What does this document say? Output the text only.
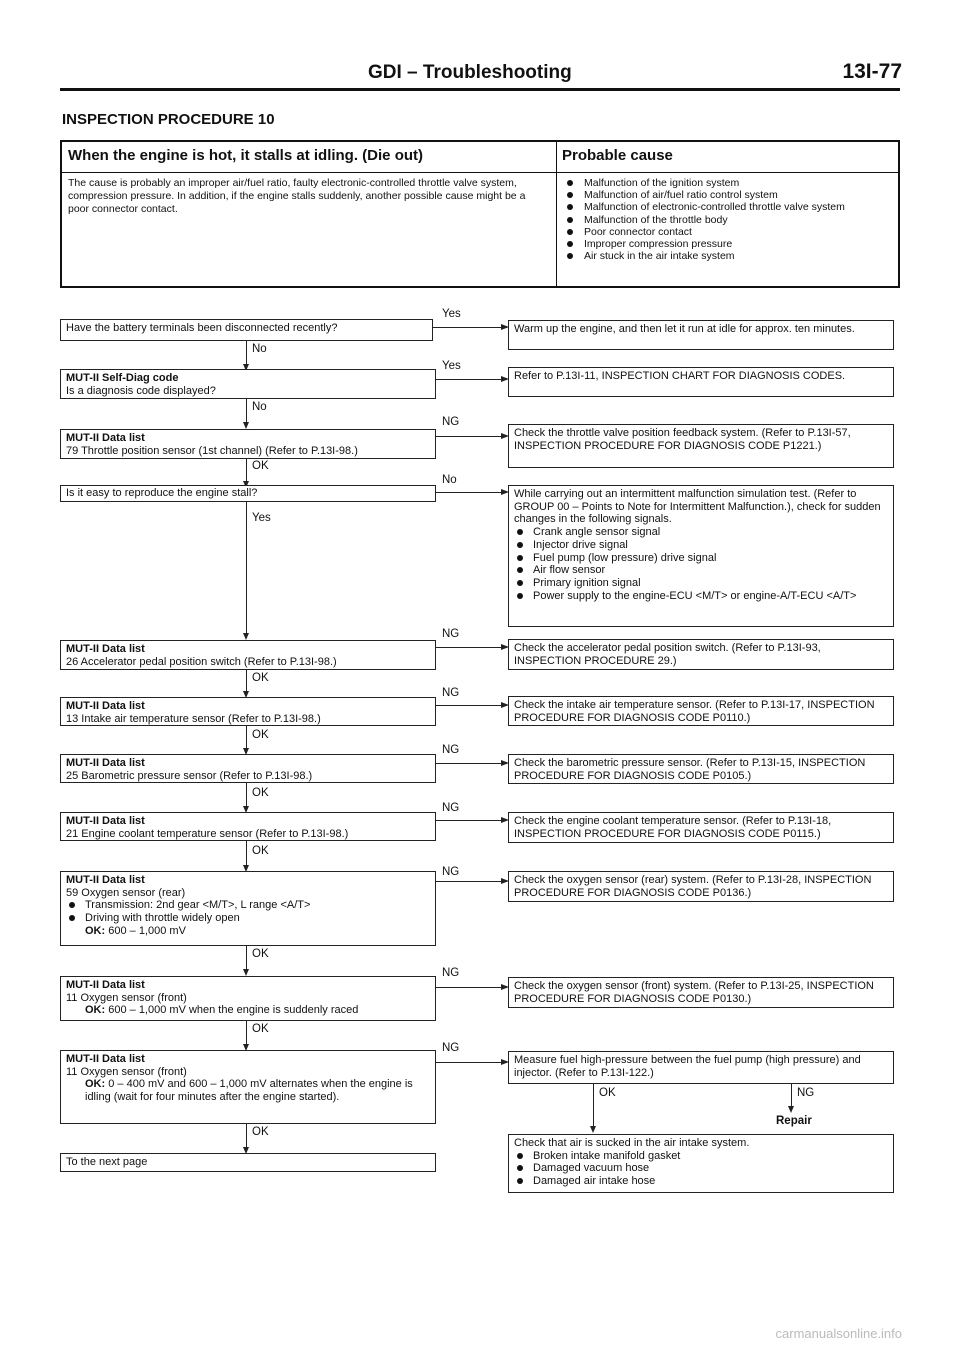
GDI – Troubleshooting	13I-77
INSPECTION PROCEDURE 10
When the engine is hot, it stalls at idling. (Die out)
The cause is probably an improper air/fuel ratio, faulty electronic-controlled throttle valve system, compression pressure. In addition, if the engine stalls suddenly, another possible cause might be a poor connector contact.
Probable cause
Malfunction of the ignition system
Malfunction of air/fuel ratio control system
Malfunction of electronic-controlled throttle valve system
Malfunction of the throttle body
Poor connector contact
Improper compression pressure
Air stuck in the air intake system
Yes
No
Yes
No
NG
OK
No
Yes
NG
OK
NG
OK
NG
OK
NG
OK
NG
OK
NG
OK
NG
OK
OK	NG
Repair
Have the battery terminals been disconnected recently?
MUT-II Self-Diag code
Is a diagnosis code displayed?
MUT-II Data list
79 Throttle position sensor (1st channel) (Refer to P.13I-98.)
Is it easy to reproduce the engine stall?
MUT-II Data list
26 Accelerator pedal position switch (Refer to P.13I-98.)
MUT-II Data list
13 Intake air temperature sensor (Refer to P.13I-98.)
MUT-II Data list
25 Barometric pressure sensor (Refer to P.13I-98.)
MUT-II Data list
21 Engine coolant temperature sensor (Refer to P.13I-98.)
MUT-II Data list
59 Oxygen sensor (rear)
Transmission: 2nd gear <M/T>, L range <A/T>
Driving with throttle widely open
OK: 600 – 1,000 mV
MUT-II Data list
11 Oxygen sensor (front)
OK: 600 – 1,000 mV when the engine is suddenly raced
MUT-II Data list
11 Oxygen sensor (front)
OK: 0 – 400 mV and 600 – 1,000 mV alternates when the engine is idling (wait for four minutes after the engine started).
To the next page
Warm up the engine, and then let it run at idle for approx. ten minutes.
Refer to P.13I-11, INSPECTION CHART FOR DIAGNOSIS CODES.
Check the throttle valve position feedback system. (Refer to P.13I-57, INSPECTION PROCEDURE FOR DIAGNOSIS CODE P1221.)
While carrying out an intermittent malfunction simulation test. (Refer to GROUP 00 – Points to Note for Intermittent Malfunction.), check for sudden changes in the following signals.
Crank angle sensor signal
Injector drive signal
Fuel pump (low pressure) drive signal
Air flow sensor
Primary ignition signal
Power supply to the engine-ECU <M/T> or engine-A/T-ECU <A/T>
Check the accelerator pedal position switch. (Refer to P.13I-93, INSPECTION PROCEDURE 29.)
Check the intake air temperature sensor. (Refer to P.13I-17, INSPECTION PROCEDURE FOR DIAGNOSIS CODE P0110.)
Check the barometric pressure sensor. (Refer to P.13I-15, INSPECTION PROCEDURE FOR DIAGNOSIS CODE P0105.)
Check the engine coolant temperature sensor. (Refer to P.13I-18, INSPECTION PROCEDURE FOR DIAGNOSIS CODE P0115.)
Check the oxygen sensor (rear) system. (Refer to P.13I-28, INSPECTION PROCEDURE FOR DIAGNOSIS CODE P0136.)
Check the oxygen sensor (front) system. (Refer to P.13I-25, INSPECTION PROCEDURE FOR DIAGNOSIS CODE P0130.)
Measure fuel high-pressure between the fuel pump (high pressure) and injector. (Refer to P.13I-122.)
Check that air is sucked in the air intake system.
Broken intake manifold gasket
Damaged vacuum hose
Damaged air intake hose
carmanualsonline.info
